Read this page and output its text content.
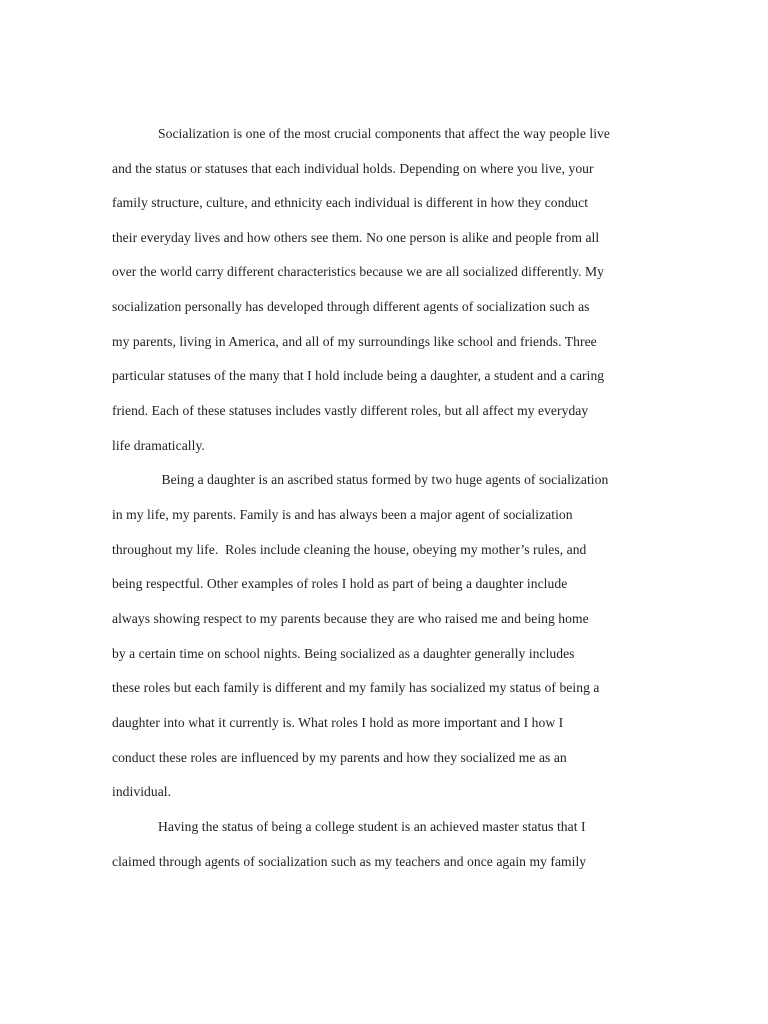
Socialization is one of the most crucial components that affect the way people live
and the status or statuses that each individual holds. Depending on where you live, your
family structure, culture, and ethnicity each individual is different in how they conduct
their everyday lives and how others see them. No one person is alike and people from all
over the world carry different characteristics because we are all socialized differently. My
socialization personally has developed through different agents of socialization such as
my parents, living in America, and all of my surroundings like school and friends. Three
particular statuses of the many that I hold include being a daughter, a student and a caring
friend. Each of these statuses includes vastly different roles, but all affect my everyday
life dramatically.
Being a daughter is an ascribed status formed by two huge agents of socialization
in my life, my parents. Family is and has always been a major agent of socialization
throughout my life.  Roles include cleaning the house, obeying my mother’s rules, and
being respectful. Other examples of roles I hold as part of being a daughter include
always showing respect to my parents because they are who raised me and being home
by a certain time on school nights. Being socialized as a daughter generally includes
these roles but each family is different and my family has socialized my status of being a
daughter into what it currently is. What roles I hold as more important and I how I
conduct these roles are influenced by my parents and how they socialized me as an
individual.
Having the status of being a college student is an achieved master status that I
claimed through agents of socialization such as my teachers and once again my family
